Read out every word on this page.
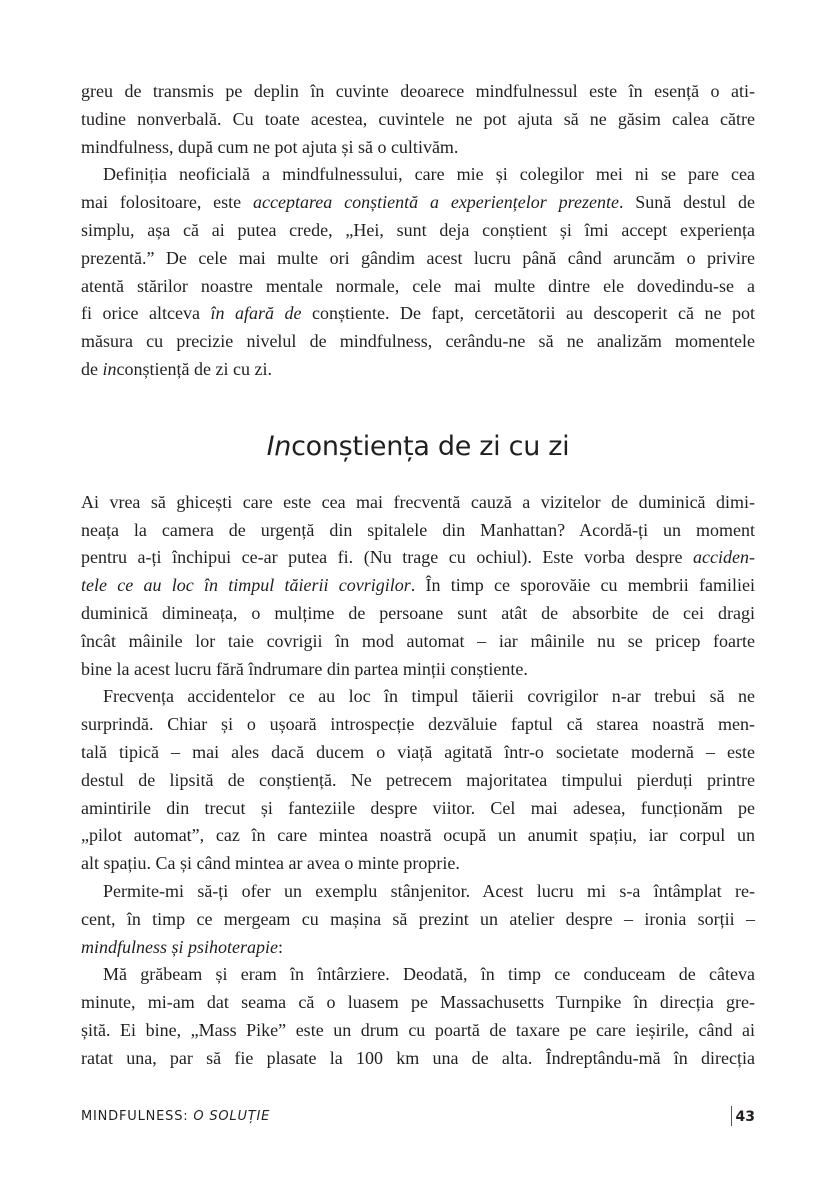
greu de transmis pe deplin în cuvinte deoarece mindfulnessul este în esență o ati-
tudine nonverbală. Cu toate acestea, cuvintele ne pot ajuta să ne găsim calea către
mindfulness, după cum ne pot ajuta și să o cultivăm.
Definiția neoficială a mindfulnessului, care mie și colegilor mei ni se pare cea
mai folositoare, este acceptarea conștientă a experiențelor prezente. Sună destul de
simplu, așa că ai putea crede, „Hei, sunt deja conștient și îmi accept experiența
prezentă.” De cele mai multe ori gândim acest lucru până când aruncăm o privire
atentă stărilor noastre mentale normale, cele mai multe dintre ele dovedindu-se a
fi orice altceva în afară de conștiente. De fapt, cercetătorii au descoperit că ne pot
măsura cu precizie nivelul de mindfulness, cerându-ne să ne analizăm momentele
de inconștiență de zi cu zi.
Inconștiența de zi cu zi
Ai vrea să ghicești care este cea mai frecventă cauză a vizitelor de duminică dimi-
neața la camera de urgență din spitalele din Manhattan? Acordă-ți un moment
pentru a-ți închipui ce-ar putea fi. (Nu trage cu ochiul). Este vorba despre acciden-
tele ce au loc în timpul tăierii covrigilor. În timp ce sporovăie cu membrii familiei
duminică dimineața, o mulțime de persoane sunt atât de absorbite de cei dragi
încât mâinile lor taie covrigii în mod automat – iar mâinile nu se pricep foarte
bine la acest lucru fără îndrumare din partea minții conștiente.
Frecvența accidentelor ce au loc în timpul tăierii covrigilor n-ar trebui să ne
surprindă. Chiar și o ușoară introspecție dezvăluie faptul că starea noastră men-
tală tipică – mai ales dacă ducem o viață agitată într-o societate modernă – este
destul de lipsită de conștiență. Ne petrecem majoritatea timpului pierduți printre
amintirile din trecut și fanteziile despre viitor. Cel mai adesea, funcționăm pe
„pilot automat”, caz în care mintea noastră ocupă un anumit spațiu, iar corpul un
alt spațiu. Ca și când mintea ar avea o minte proprie.
Permite-mi să-ți ofer un exemplu stânjenitor. Acest lucru mi s-a întâmplat re-
cent, în timp ce mergeam cu mașina să prezint un atelier despre – ironia sorții –
mindfulness și psihoterapie:
Mă grăbeam și eram în întârziere. Deodată, în timp ce conduceam de câteva
minute, mi-am dat seama că o luasem pe Massachusetts Turnpike în direcția gre-
șită. Ei bine, „Mass Pike” este un drum cu poartă de taxare pe care ieșirile, când ai
ratat una, par să fie plasate la 100 km una de alta. Îndreptându-mă în direcția
MINDFULNESS: O SOLUȚIE	43
